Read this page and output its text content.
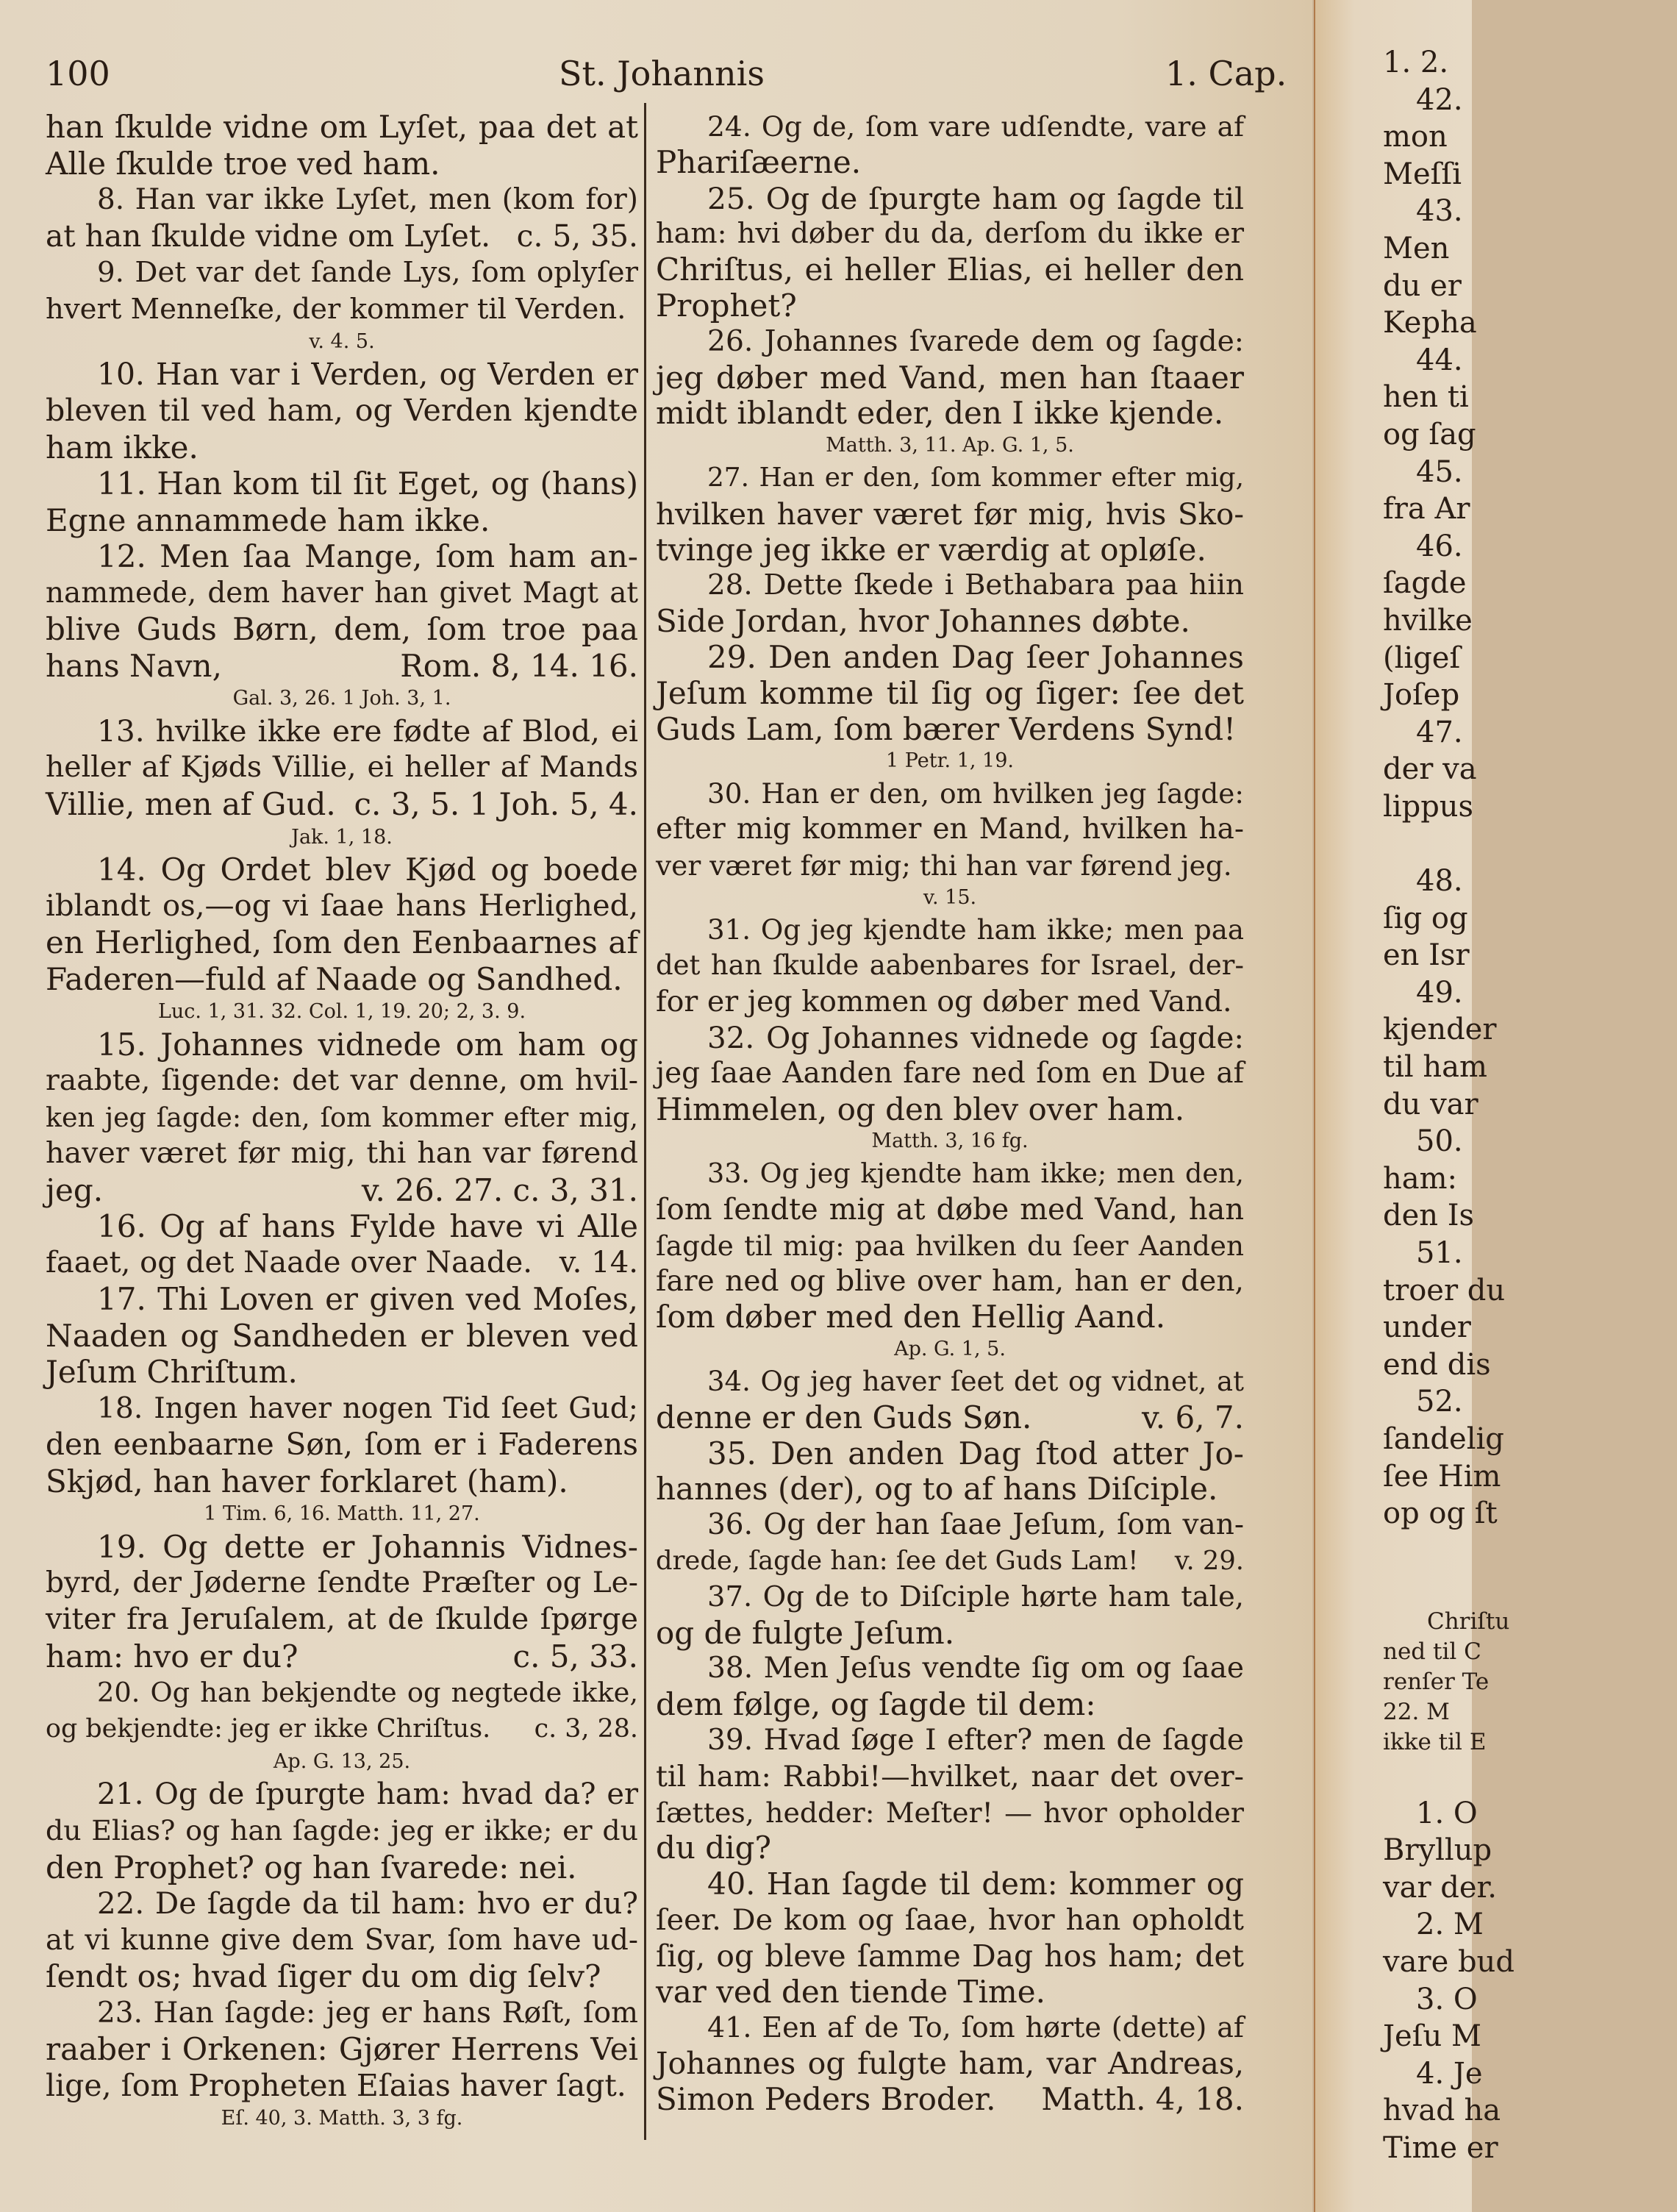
100	St. Johannis	1. Cap.
han ſkulde vidne om Lyſet, paa det at
Alle ſkulde troe ved ham.
8. Han var ikke Lyſet, men (kom for)
at han ſkulde vidne om Lyſet. c. 5, 35.
9. Det var det ſande Lys, ſom oplyſer
hvert Menneſke, der kommer til Verden.
v. 4. 5.
10. Han var i Verden, og Verden er
bleven til ved ham, og Verden kjendte
ham ikke.
11. Han kom til ſit Eget, og (hans)
Egne annammede ham ikke.
12. Men ſaa Mange, ſom ham an-
nammede, dem haver han givet Magt at
blive Guds Børn, dem, ſom troe paa
hans Navn,	Rom. 8, 14. 16.
Gal. 3, 26. 1 Joh. 3, 1.
13. hvilke ikke ere fødte af Blod, ei
heller af Kjøds Villie, ei heller af Mands
Villie, men af Gud. c. 3, 5. 1 Joh. 5, 4.
Jak. 1, 18.
14. Og Ordet blev Kjød og boede
iblandt os,—og vi ſaae hans Herlighed,
en Herlighed, ſom den Eenbaarnes af
Faderen—fuld af Naade og Sandhed.
Luc. 1, 31. 32. Col. 1, 19. 20; 2, 3. 9.
15. Johannes vidnede om ham og
raabte, ſigende: det var denne, om hvil-
ken jeg ſagde: den, ſom kommer efter mig,
haver været før mig, thi han var førend
jeg.	v. 26. 27. c. 3, 31.
16. Og af hans Fylde have vi Alle
faaet, og det Naade over Naade. v. 14.
17. Thi Loven er given ved Moſes,
Naaden og Sandheden er bleven ved
Jeſum Chriſtum.
18. Ingen haver nogen Tid ſeet Gud;
den eenbaarne Søn, ſom er i Faderens
Skjød, han haver forklaret (ham).
1 Tim. 6, 16. Matth. 11, 27.
19. Og dette er Johannis Vidnes-
byrd, der Jøderne ſendte Præſter og Le-
viter fra Jeruſalem, at de ſkulde ſpørge
ham: hvo er du?	c. 5, 33.
20. Og han bekjendte og negtede ikke,
og bekjendte: jeg er ikke Chriſtus.	c. 3, 28.
Ap. G. 13, 25.
21. Og de ſpurgte ham: hvad da? er
du Elias? og han ſagde: jeg er ikke; er du
den Prophet? og han ſvarede: nei.
22. De ſagde da til ham: hvo er du?
at vi kunne give dem Svar, ſom have ud-
ſendt os; hvad ſiger du om dig ſelv?
23. Han ſagde: jeg er hans Røſt, ſom
raaber i Orkenen: Gjører Herrens Vei
lige, ſom Propheten Eſaias haver ſagt.
Eſ. 40, 3. Matth. 3, 3 fg.
24. Og de, ſom vare udſendte, vare af
Phariſæerne.
25. Og de ſpurgte ham og ſagde til
ham: hvi døber du da, derſom du ikke er
Chriſtus, ei heller Elias, ei heller den
Prophet?
26. Johannes ſvarede dem og ſagde:
jeg døber med Vand, men han ſtaaer
midt iblandt eder, den I ikke kjende.
Matth. 3, 11. Ap. G. 1, 5.
27. Han er den, ſom kommer efter mig,
hvilken haver været før mig, hvis Sko-
tvinge jeg ikke er værdig at opløſe.
28. Dette ſkede i Bethabara paa hiin
Side Jordan, hvor Johannes døbte.
29. Den anden Dag ſeer Johannes
Jeſum komme til ſig og ſiger: ſee det
Guds Lam, ſom bærer Verdens Synd!
1 Petr. 1, 19.
30. Han er den, om hvilken jeg ſagde:
efter mig kommer en Mand, hvilken ha-
ver været før mig; thi han var førend jeg.
v. 15.
31. Og jeg kjendte ham ikke; men paa
det han ſkulde aabenbares for Israel, der-
for er jeg kommen og døber med Vand.
32. Og Johannes vidnede og ſagde:
jeg ſaae Aanden fare ned ſom en Due af
Himmelen, og den blev over ham.
Matth. 3, 16 fg.
33. Og jeg kjendte ham ikke; men den,
ſom ſendte mig at døbe med Vand, han
ſagde til mig: paa hvilken du ſeer Aanden
fare ned og blive over ham, han er den,
ſom døber med den Hellig Aand.
Ap. G. 1, 5.
34. Og jeg haver ſeet det og vidnet, at
denne er den Guds Søn.	v. 6, 7.
35. Den anden Dag ſtod atter Jo-
hannes (der), og to af hans Diſciple.
36. Og der han ſaae Jeſum, ſom van-
drede, ſagde han: ſee det Guds Lam!	v. 29.
37. Og de to Diſciple hørte ham tale,
og de fulgte Jeſum.
38. Men Jeſus vendte ſig om og ſaae
dem følge, og ſagde til dem:
39. Hvad ſøge I efter? men de ſagde
til ham: Rabbi!—hvilket, naar det over-
ſættes, hedder: Meſter! — hvor opholder
du dig?
40. Han ſagde til dem: kommer og
ſeer. De kom og ſaae, hvor han opholdt
ſig, og bleve ſamme Dag hos ham; det
var ved den tiende Time.
41. Een af de To, ſom hørte (dette) af
Johannes og fulgte ham, var Andreas,
Simon Peders Broder.	Matth. 4, 18.
1. 2.
42.
mon
Meſſi
43.
Men
du er
Kepha
44.
hen ti
og ſag
45.
fra Ar
46.
ſagde
hvilke
(ligeſ
Joſep
47.
der va
lippus
48.
ſig og
en Isr
49.
kjender
til ham
du var
50.
ham:
den Is
51.
troer du
under
end dis
52.
ſandelig
ſee Him
op og ſt
Chriſtu
ned til C
renſer Te
22. M
ikke til E
1. O
Bryllup
var der.
2. M
vare bud
3. O
Jeſu M
4. Je
hvad ha
Time er
